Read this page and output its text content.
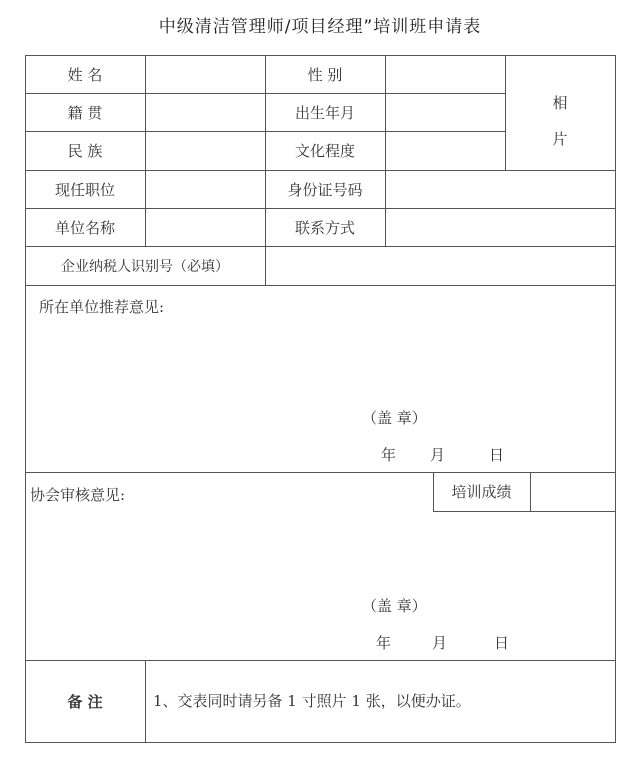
中级清洁管理师/项目经理”培训班申请表
姓 名	性 别
籍 贯	出生年月
民 族	文化程度
相
片
现任职位	身份证号码
单位名称	联系方式
企业纳税人识别号（必填）
所在单位推荐意见:
（盖 章）
年 月	日
协会审核意见:	培训成绩
（盖 章）
年	月	日
备 注	1、交表同时请另备 1 寸照片 1 张，以便办证。
